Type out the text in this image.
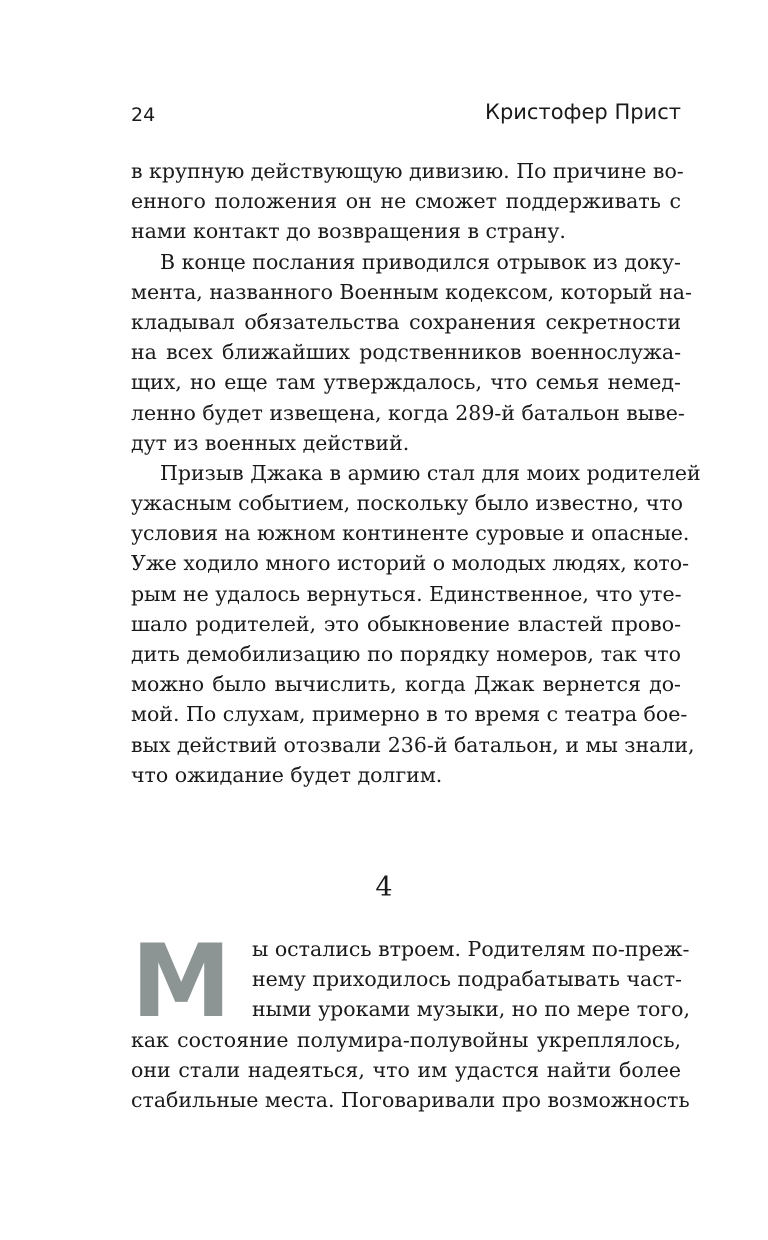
24	Кристофер Прист
в крупную действующую дивизию. По причине во-
енного положения он не сможет поддерживать с
нами контакт до возвращения в страну.
В конце послания приводился отрывок из доку-
мента, названного Военным кодексом, который на-
кладывал обязательства сохранения секретности
на всех ближайших родственников военнослужа-
щих, но еще там утверждалось, что семья немед-
ленно будет извещена, когда 289-й батальон выве-
дут из военных действий.
Призыв Джака в армию стал для моих родителей
ужасным событием, поскольку было известно, что
условия на южном континенте суровые и опасные.
Уже ходило много историй о молодых людях, кото-
рым не удалось вернуться. Единственное, что уте-
шало родителей, это обыкновение властей прово-
дить демобилизацию по порядку номеров, так что
можно было вычислить, когда Джак вернется до-
мой. По слухам, примерно в то время с театра бое-
вых действий отозвали 236-й батальон, и мы знали,
что ожидание будет долгим.
4
М	ы остались втроем. Родителям по-преж-
нему приходилось подрабатывать част-
ными уроками музыки, но по мере того,
как состояние полумира-полувойны укреплялось,
они стали надеяться, что им удастся найти более
стабильные места. Поговаривали про возможность
